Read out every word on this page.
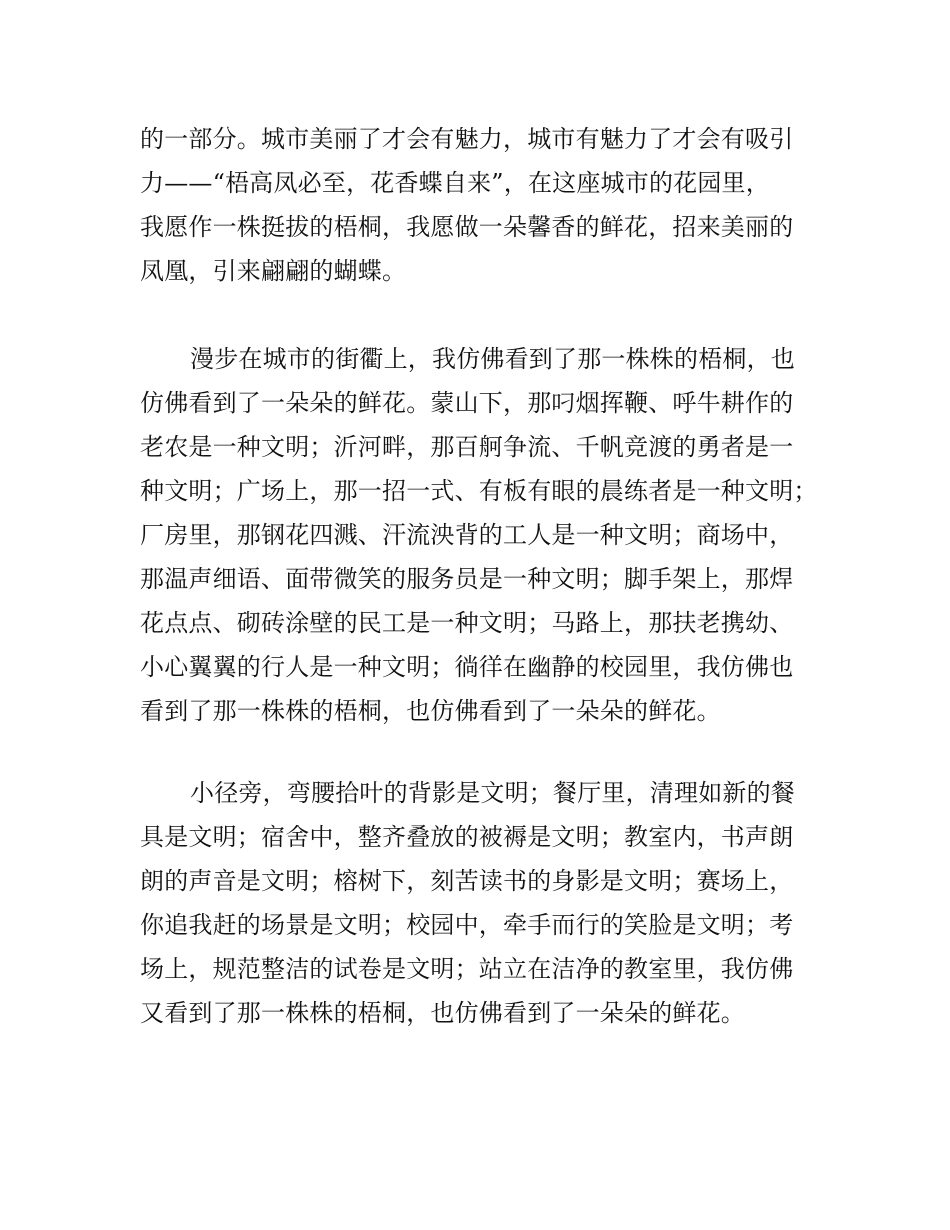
的一部分。城市美丽了才会有魅力，城市有魅力了才会有吸引
力——“梧高凤必至，花香蝶自来”，在这座城市的花园里，
我愿作一株挺拔的梧桐，我愿做一朵馨香的鲜花，招来美丽的
凤凰，引来翩翩的蝴蝶。

漫步在城市的街衢上，我仿佛看到了那一株株的梧桐，也
仿佛看到了一朵朵的鲜花。蒙山下，那叼烟挥鞭、呼牛耕作的
老农是一种文明；沂河畔，那百舸争流、千帆竞渡的勇者是一
种文明；广场上，那一招一式、有板有眼的晨练者是一种文明；
厂房里，那钢花四溅、汗流泱背的工人是一种文明；商场中，
那温声细语、面带微笑的服务员是一种文明；脚手架上，那焊
花点点、砌砖涂壁的民工是一种文明；马路上，那扶老携幼、
小心翼翼的行人是一种文明；徜徉在幽静的校园里，我仿佛也
看到了那一株株的梧桐，也仿佛看到了一朵朵的鲜花。

小径旁，弯腰拾叶的背影是文明；餐厅里，清理如新的餐
具是文明；宿舍中，整齐叠放的被褥是文明；教室内，书声朗
朗的声音是文明；榕树下，刻苦读书的身影是文明；赛场上，
你追我赶的场景是文明；校园中，牵手而行的笑脸是文明；考
场上，规范整洁的试卷是文明；站立在洁净的教室里，我仿佛
又看到了那一株株的梧桐，也仿佛看到了一朵朵的鲜花。
